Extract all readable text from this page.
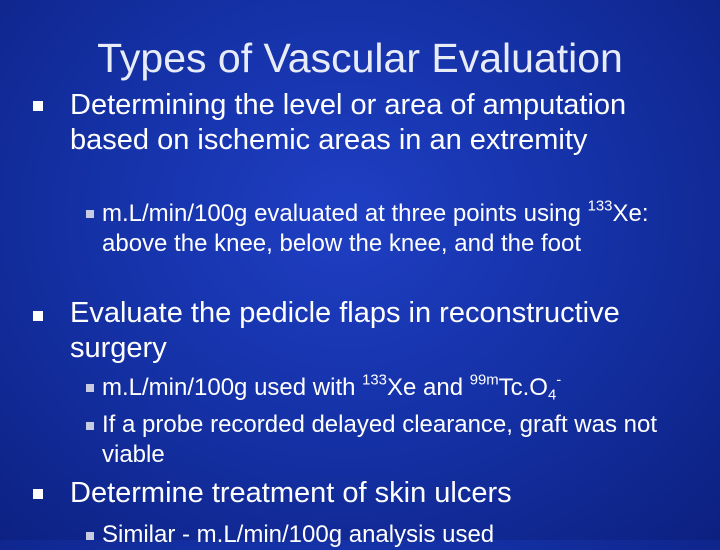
Types of Vascular Evaluation
Determining the level or area of amputation based on ischemic areas in an extremity
m.L/min/100g evaluated at three points using $^{133}$Xe: above the knee, below the knee, and the foot
Evaluate the pedicle flaps in reconstructive surgery
m.L/min/100g used with $^{133}$Xe and $^{99m}Tc.O_4^-$
If a probe recorded delayed clearance, graft was not viable
Determine treatment of skin ulcers
Similar - m.L/min/100g analysis used
